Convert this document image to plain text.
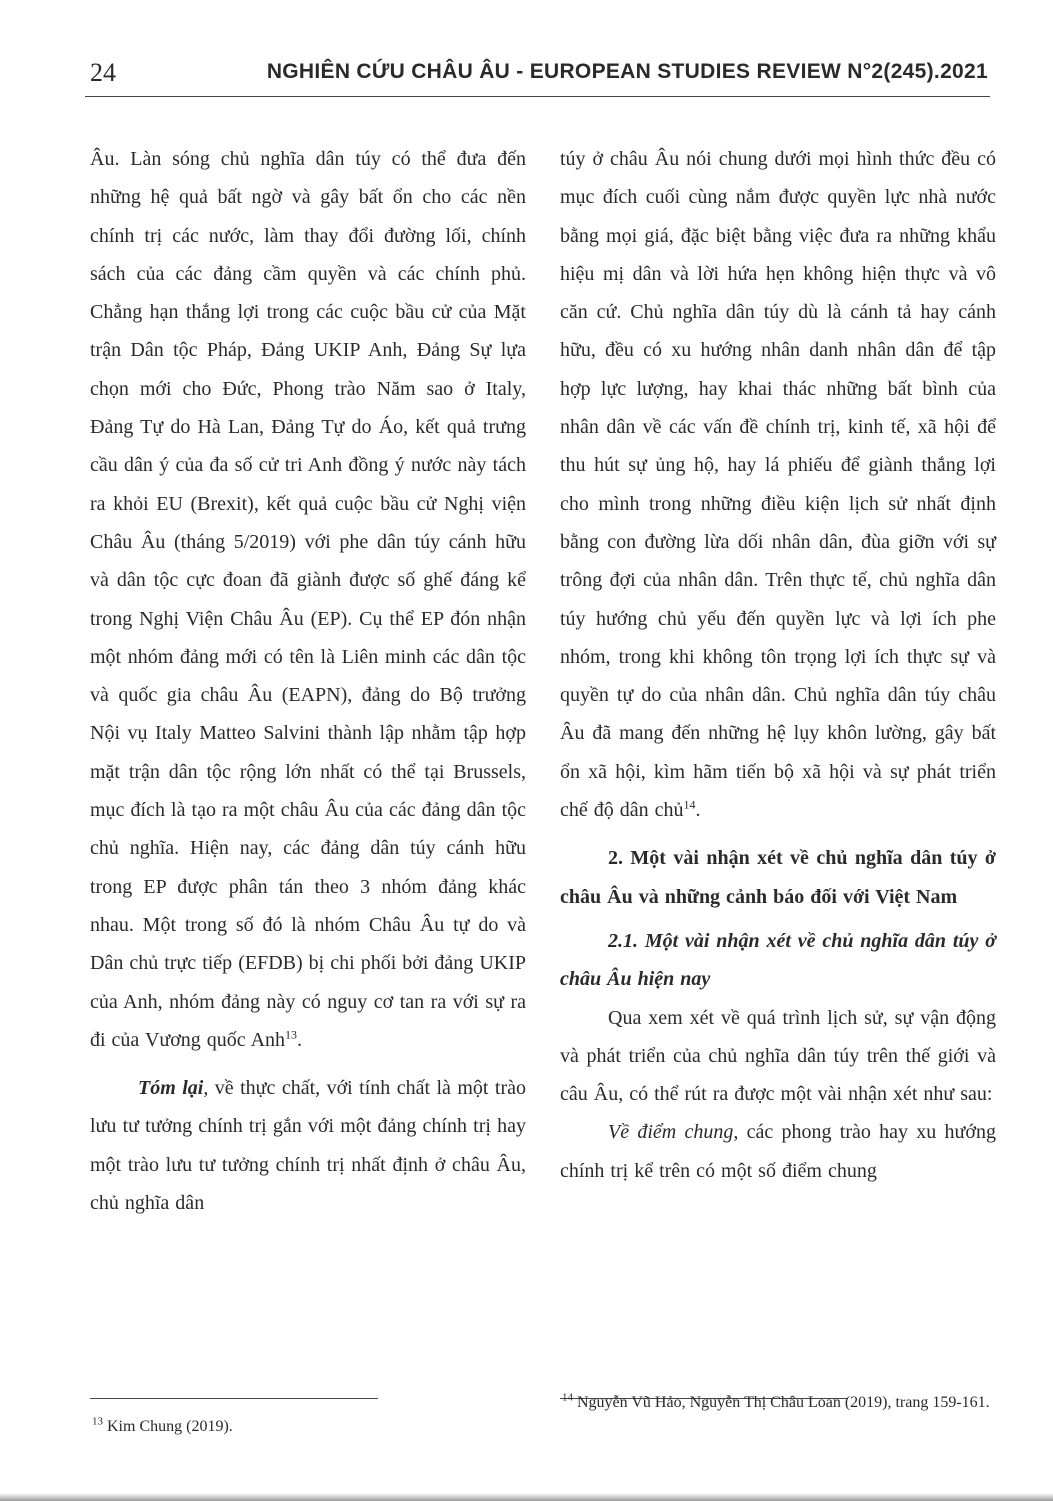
24	NGHIÊN CỨU CHÂU ÂU - EUROPEAN STUDIES REVIEW N°2(245).2021

Âu. Làn sóng chủ nghĩa dân túy có thể đưa đến những hệ quả bất ngờ và gây bất ổn cho các nền chính trị các nước, làm thay đổi đường lối, chính sách của các đảng cầm quyền và các chính phủ. Chẳng hạn thắng lợi trong các cuộc bầu cử của Mặt trận Dân tộc Pháp, Đảng UKIP Anh, Đảng Sự lựa chọn mới cho Đức, Phong trào Năm sao ở Italy, Đảng Tự do Hà Lan, Đảng Tự do Áo, kết quả trưng cầu dân ý của đa số cử tri Anh đồng ý nước này tách ra khỏi EU (Brexit), kết quả cuộc bầu cử Nghị viện Châu Âu (tháng 5/2019) với phe dân túy cánh hữu và dân tộc cực đoan đã giành được số ghế đáng kể trong Nghị Viện Châu Âu (EP). Cụ thể EP đón nhận một nhóm đảng mới có tên là Liên minh các dân tộc và quốc gia châu Âu (EAPN), đảng do Bộ trưởng Nội vụ Italy Matteo Salvini thành lập nhằm tập hợp mặt trận dân tộc rộng lớn nhất có thể tại Brussels, mục đích là tạo ra một châu Âu của các đảng dân tộc chủ nghĩa. Hiện nay, các đảng dân túy cánh hữu trong EP được phân tán theo 3 nhóm đảng khác nhau. Một trong số đó là nhóm Châu Âu tự do và Dân chủ trực tiếp (EFDB) bị chi phối bởi đảng UKIP của Anh, nhóm đảng này có nguy cơ tan ra với sự ra đi của Vương quốc Anh$^{13}$.

Tóm lại, về thực chất, với tính chất là một trào lưu tư tưởng chính trị gắn với một đảng chính trị hay một trào lưu tư tưởng chính trị nhất định ở châu Âu, chủ nghĩa dân

túy ở châu Âu nói chung dưới mọi hình thức đều có mục đích cuối cùng nắm được quyền lực nhà nước bằng mọi giá, đặc biệt bằng việc đưa ra những khẩu hiệu mị dân và lời hứa hẹn không hiện thực và vô căn cứ. Chủ nghĩa dân túy dù là cánh tả hay cánh hữu, đều có xu hướng nhân danh nhân dân để tập hợp lực lượng, hay khai thác những bất bình của nhân dân về các vấn đề chính trị, kinh tế, xã hội để thu hút sự ủng hộ, hay lá phiếu để giành thắng lợi cho mình trong những điều kiện lịch sử nhất định bằng con đường lừa dối nhân dân, đùa giỡn với sự trông đợi của nhân dân. Trên thực tế, chủ nghĩa dân túy hướng chủ yếu đến quyền lực và lợi ích phe nhóm, trong khi không tôn trọng lợi ích thực sự và quyền tự do của nhân dân. Chủ nghĩa dân túy châu Âu đã mang đến những hệ lụy khôn lường, gây bất ổn xã hội, kìm hãm tiến bộ xã hội và sự phát triển chế độ dân chủ$^{14}$.

2. Một vài nhận xét về chủ nghĩa dân túy ở châu Âu và những cảnh báo đối với Việt Nam

2.1. Một vài nhận xét về chủ nghĩa dân túy ở châu Âu hiện nay

Qua xem xét về quá trình lịch sử, sự vận động và phát triển của chủ nghĩa dân túy trên thế giới và câu Âu, có thể rút ra được một vài nhận xét như sau:

Về điểm chung, các phong trào hay xu hướng chính trị kể trên có một số điểm chung

$^{13}$ Kim Chung (2019).
$^{14}$ Nguyễn Vũ Hảo, Nguyễn Thị Châu Loan (2019), trang 159-161.
